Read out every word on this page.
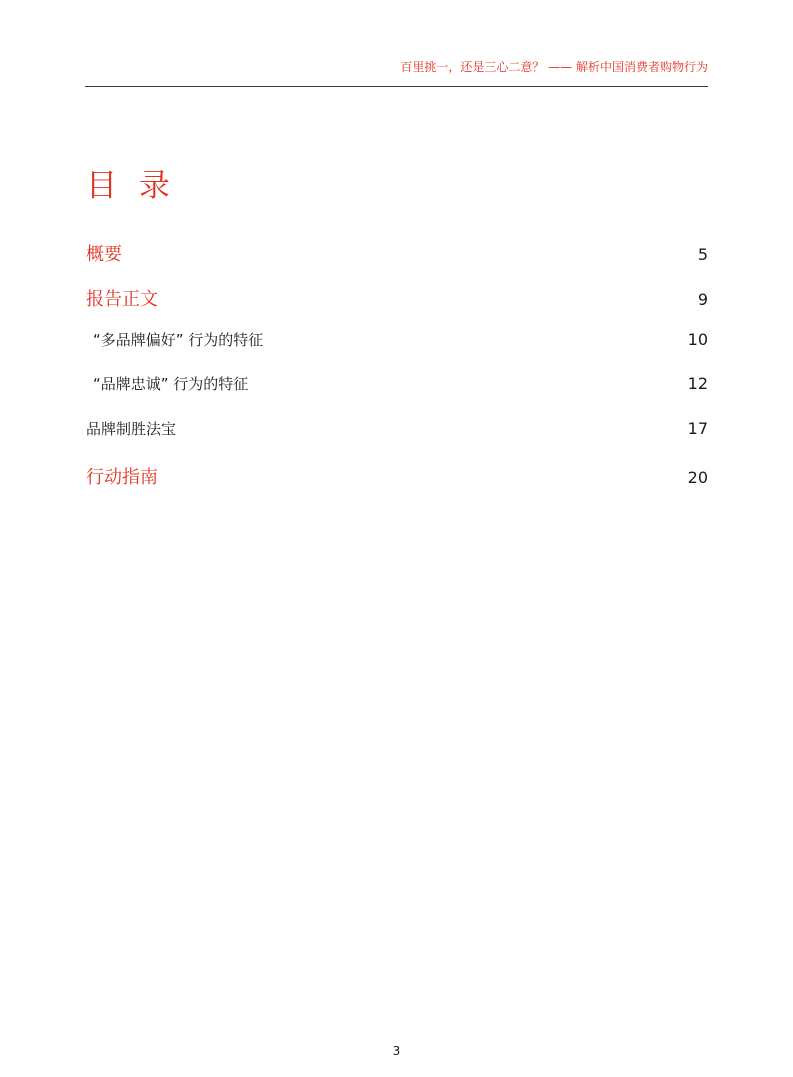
百里挑一，还是三心二意？ —— 解析中国消费者购物行为
目 录
概要	5
报告正文	9
“多品牌偏好” 行为的特征	10
“品牌忠诚” 行为的特征	12
品牌制胜法宝	17
行动指南	20
3
